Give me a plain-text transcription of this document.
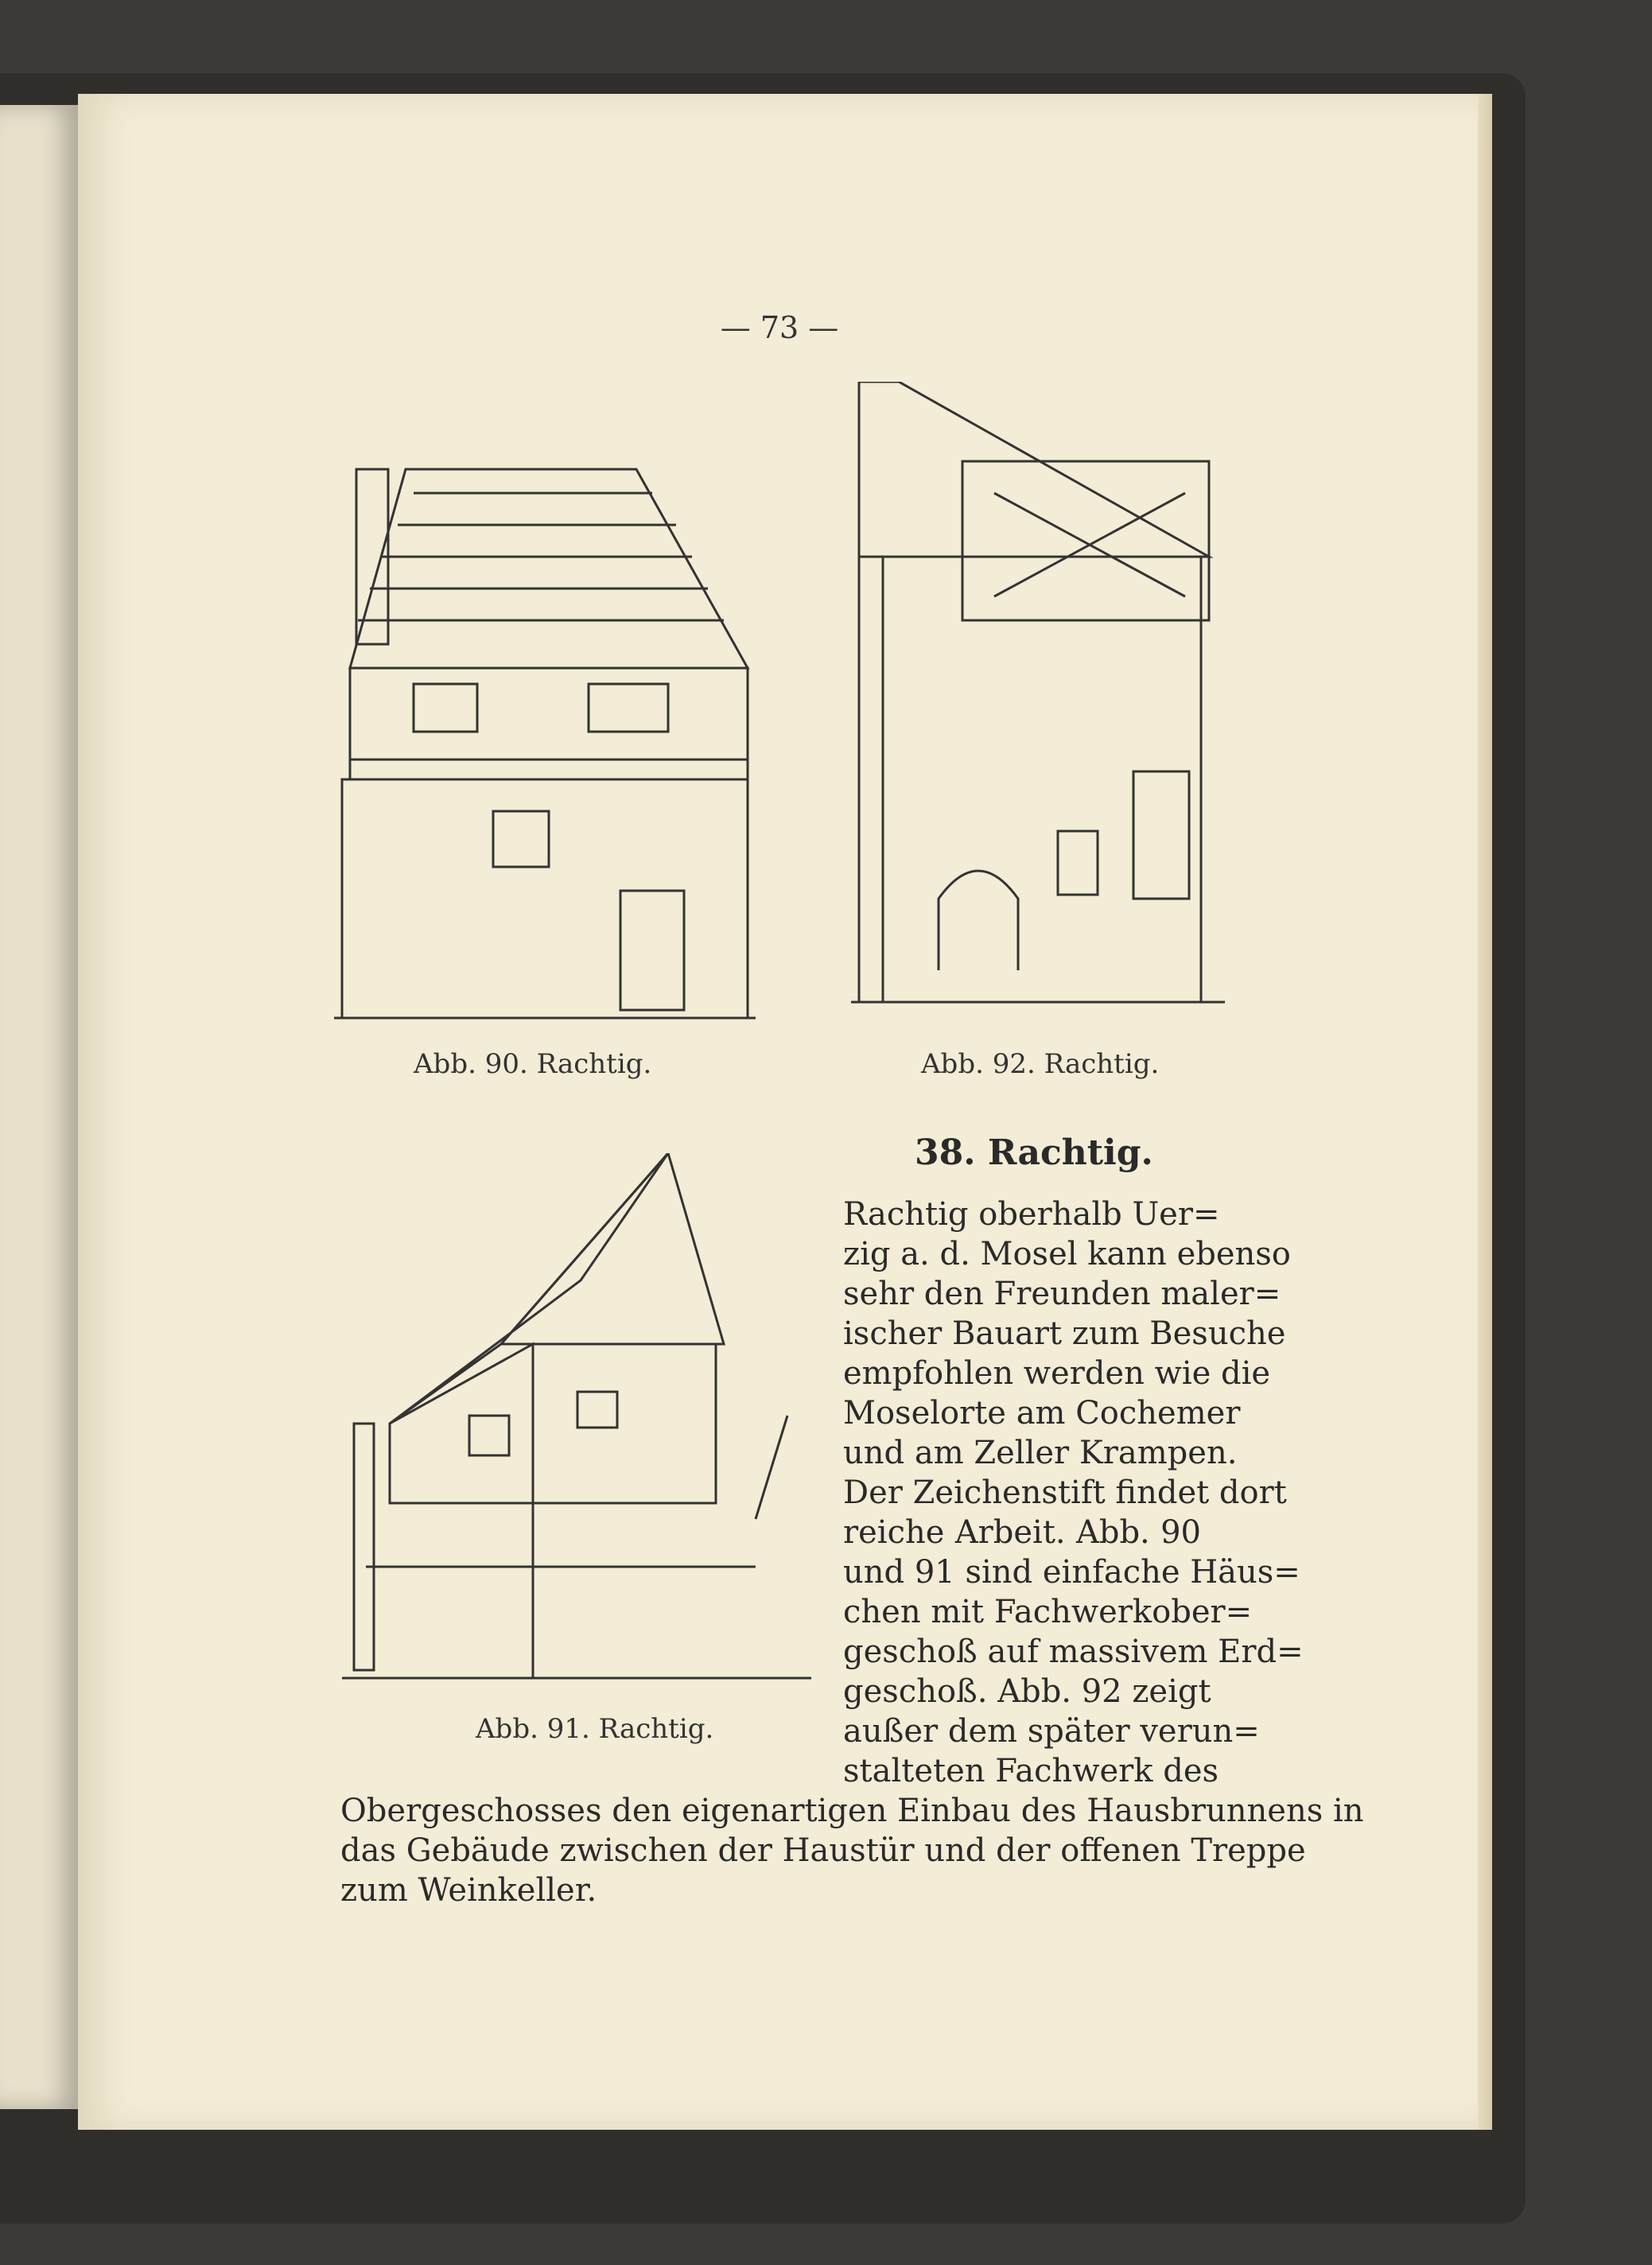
— 73 —
Abb. 90. Rachtig.	Abb. 92. Rachtig.
Abb. 91. Rachtig.
38. Rachtig.
Rachtig oberhalb Uer=
zig a. d. Mosel kann ebenso
sehr den Freunden maler=
ischer Bauart zum Besuche
empfohlen werden wie die
Moselorte am Cochemer
und am Zeller Krampen.
Der Zeichenstift findet dort
reiche Arbeit. Abb. 90
und 91 sind einfache Häus=
chen mit Fachwerkober=
geschoß auf massivem Erd=
geschoß. Abb. 92 zeigt
außer dem später verun=
stalteten Fachwerk des
Obergeschosses den eigenartigen Einbau des Hausbrunnens in
das Gebäude zwischen der Haustür und der offenen Treppe
zum Weinkeller.
